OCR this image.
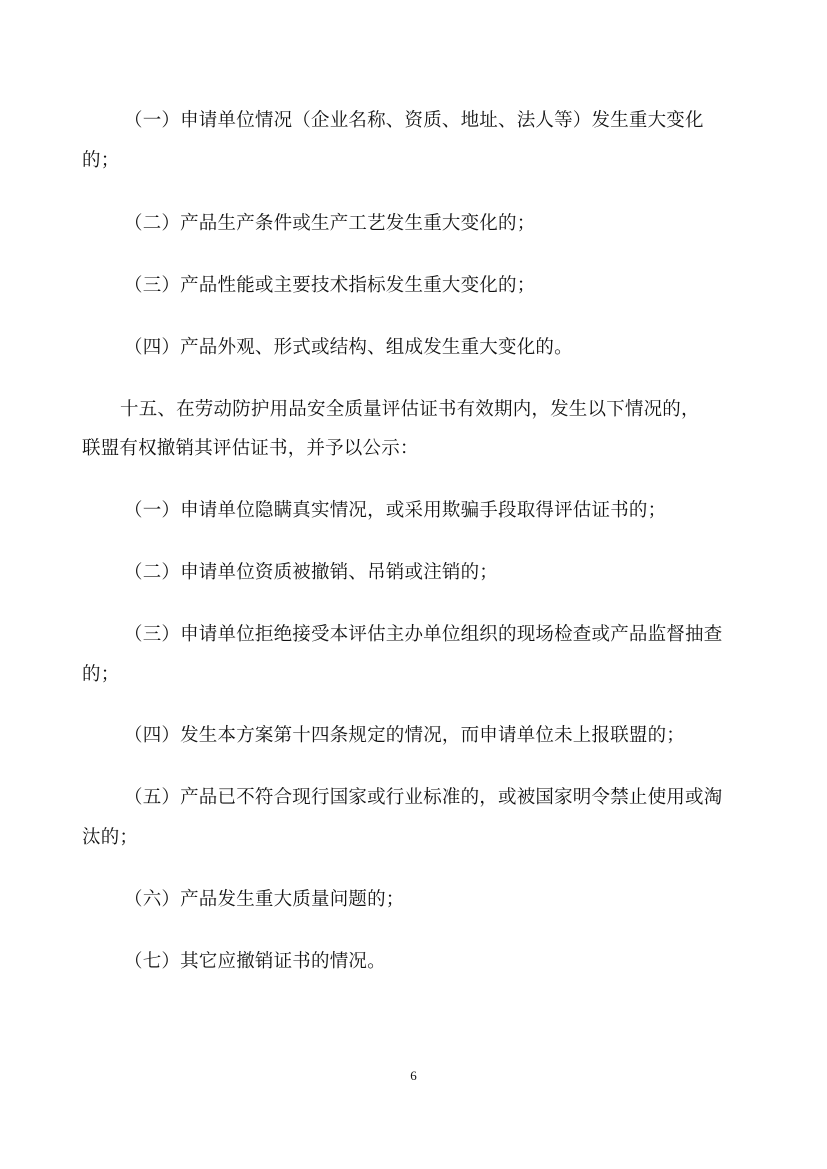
（一）申请单位情况（企业名称、资质、地址、法人等）发生重大变化
的；
（二）产品生产条件或生产工艺发生重大变化的；
（三）产品性能或主要技术指标发生重大变化的；
（四）产品外观、形式或结构、组成发生重大变化的。
十五、在劳动防护用品安全质量评估证书有效期内，发生以下情况的，
联盟有权撤销其评估证书，并予以公示：
（一）申请单位隐瞒真实情况，或采用欺骗手段取得评估证书的；
（二）申请单位资质被撤销、吊销或注销的；
（三）申请单位拒绝接受本评估主办单位组织的现场检查或产品监督抽查
的；
（四）发生本方案第十四条规定的情况，而申请单位未上报联盟的；
（五）产品已不符合现行国家或行业标准的，或被国家明令禁止使用或淘
汰的；
（六）产品发生重大质量问题的；
（七）其它应撤销证书的情况。
6
